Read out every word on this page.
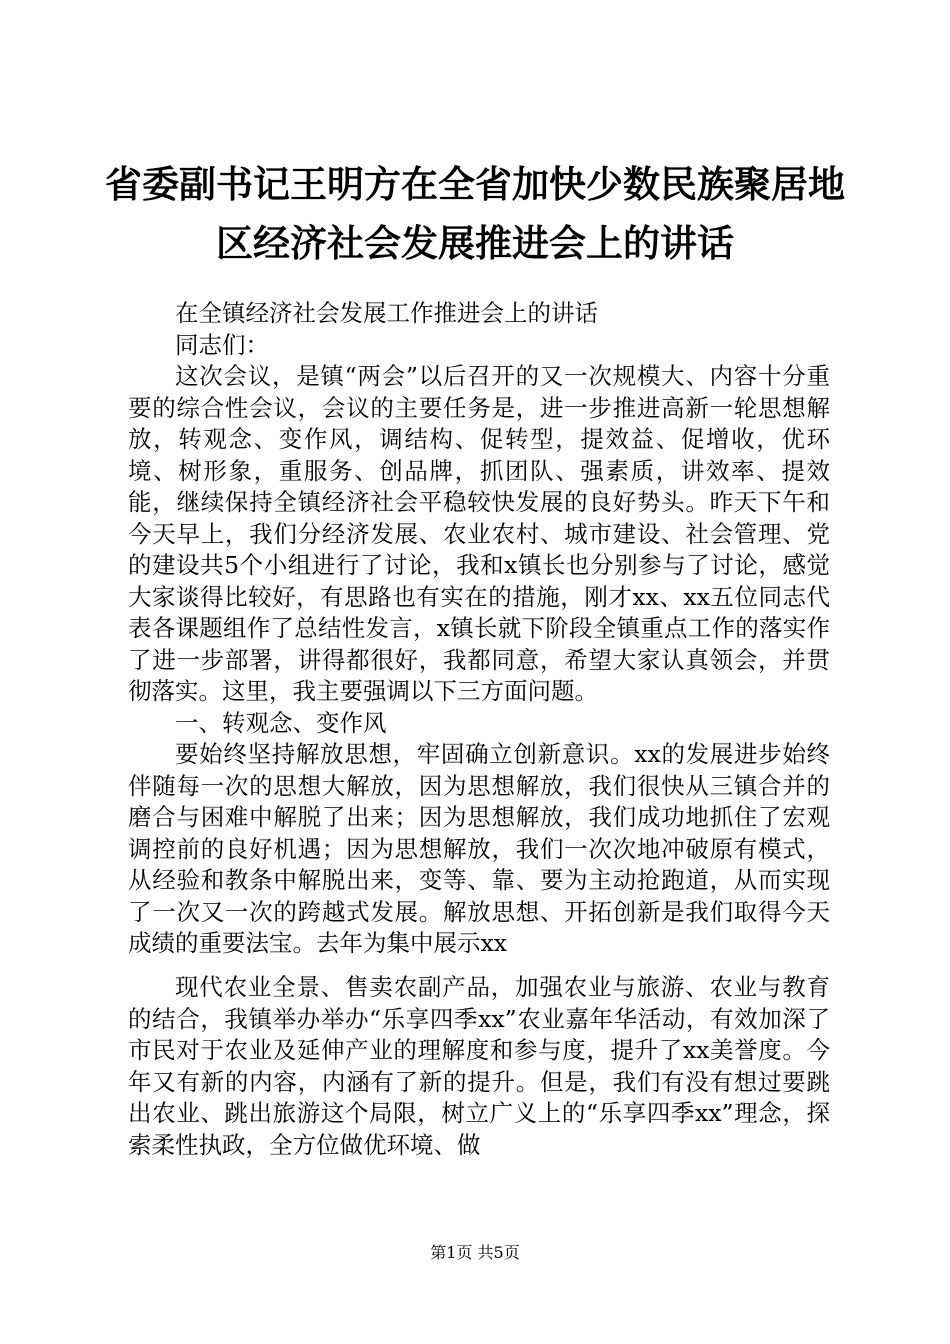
省委副书记王明方在全省加快少数民族聚居地
区经济社会发展推进会上的讲话

在全镇经济社会发展工作推进会上的讲话

同志们：

这次会议，是镇“两会”以后召开的又一次规模大、内容十分重要的综合性会议，会议的主要任务是，进一步推进高新一轮思想解放，转观念、变作风，调结构、促转型，提效益、促增收，优环境、树形象，重服务、创品牌，抓团队、强素质，讲效率、提效能，继续保持全镇经济社会平稳较快发展的良好势头。昨天下午和今天早上，我们分经济发展、农业农村、城市建设、社会管理、党的建设共5个小组进行了讨论，我和x镇长也分别参与了讨论，感觉大家谈得比较好，有思路也有实在的措施，刚才xx、xx五位同志代表各课题组作了总结性发言，x镇长就下阶段全镇重点工作的落实作了进一步部署，讲得都很好，我都同意，希望大家认真领会，并贯彻落实。这里，我主要强调以下三方面问题。

一、转观念、变作风

要始终坚持解放思想，牢固确立创新意识。xx的发展进步始终伴随每一次的思想大解放，因为思想解放，我们很快从三镇合并的磨合与困难中解脱了出来；因为思想解放，我们成功地抓住了宏观调控前的良好机遇；因为思想解放，我们一次次地冲破原有模式，从经验和教条中解脱出来，变等、靠、要为主动抢跑道，从而实现了一次又一次的跨越式发展。解放思想、开拓创新是我们取得今天成绩的重要法宝。去年为集中展示xx

现代农业全景、售卖农副产品，加强农业与旅游、农业与教育的结合，我镇举办举办“乐享四季xx”农业嘉年华活动，有效加深了市民对于农业及延伸产业的理解度和参与度，提升了xx美誉度。今年又有新的内容，内涵有了新的提升。但是，我们有没有想过要跳出农业、跳出旅游这个局限，树立广义上的“乐享四季xx”理念，探索柔性执政，全方位做优环境、做

第1页 共5页
